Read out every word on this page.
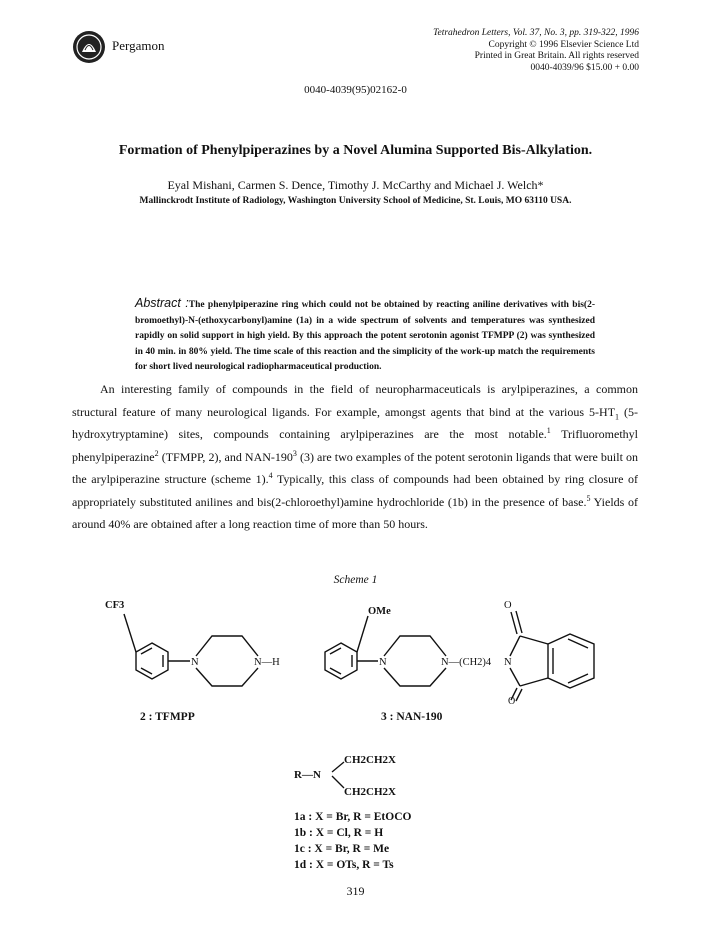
Pergamon
Tetrahedron Letters, Vol. 37, No. 3, pp. 319-322, 1996
Copyright © 1996 Elsevier Science Ltd
Printed in Great Britain. All rights reserved
0040-4039/96 $15.00 + 0.00
0040-4039(95)02162-0
Formation of Phenylpiperazines by a Novel Alumina Supported Bis-Alkylation.
Eyal Mishani, Carmen S. Dence, Timothy J. McCarthy and Michael J. Welch*
Mallinckrodt Institute of Radiology, Washington University School of Medicine, St. Louis, MO 63110 USA.
Abstract :The phenylpiperazine ring which could not be obtained by reacting aniline derivatives with bis(2-bromoethyl)-N-(ethoxycarbonyl)amine (1a) in a wide spectrum of solvents and temperatures was synthesized rapidly on solid support in high yield. By this approach the potent serotonin agonist TFMPP (2) was synthesized in 40 min. in 80% yield. The time scale of this reaction and the simplicity of the work-up match the requirements for short lived neurological radiopharmaceutical production.
An interesting family of compounds in the field of neuropharmaceuticals is arylpiperazines, a common structural feature of many neurological ligands. For example, amongst agents that bind at the various $5-HT_1$ (5-hydroxytryptamine) sites, compounds containing arylpiperazines are the most notable.$^1$ Trifluoromethyl phenylpiperazine$^2$ (TFMPP, 2), and NAN-$190^3$ (3) are two examples of the potent serotonin ligands that were built on the arylpiperazine structure (scheme 1).$^4$ Typically, this class of compounds had been obtained by ring closure of appropriately substituted anilines and bis(2-chloroethyl)amine hydrochloride (1b) in the presence of base.$^5$ Yields of around 40% are obtained after a long reaction time of more than 50 hours.
Scheme 1
CF3
N	N—H
OMe
N	N—(CH2)4 N
O
O
2 : TFMPP	3 : NAN-190
R—N
CH2CH2X
CH2CH2X
1a : X = Br, R = EtOCO
1b : X = Cl, R = H
1c : X = Br, R = Me
1d : X = OTs, R = Ts
319
